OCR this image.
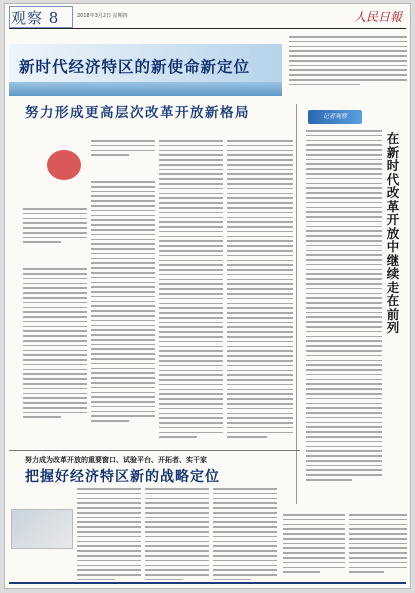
观察 8	2018年3月2日 星期四	人民日報
新时代经济特区的新使命新定位
努力形成更高层次改革开放新格局	记者观察
在新时代改革开放中继续走在前列
努力成为改革开放的重要窗口、试验平台、开拓者、实干家
把握好经济特区新的战略定位
